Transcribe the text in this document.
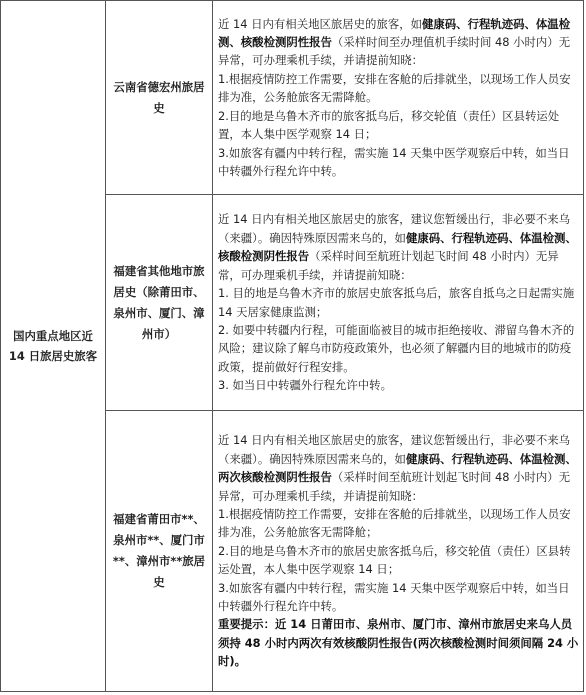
国内重点地区近 14 日旅居史旅客	云南省德宏州旅居史	近 14 日内有相关地区旅居史的旅客，如健康码、行程轨迹码、体温检测、核酸检测阴性报告（采样时间至办理值机手续时间 48 小时内）无异常，可办理乘机手续，并请提前知晓：

1.根据疫情防控工作需要，安排在客舱的后排就坐，以现场工作人员安排为准，公务舱旅客无需降舱。

2.目的地是乌鲁木齐市的旅客抵乌后，移交轮值（责任）区县转运处置，本人集中医学观察 14 日；

3.如旅客有疆内中转行程，需实施 14 天集中医学观察后中转，如当日中转疆外行程允许中转。

	福建省其他地市旅居史（除莆田市、泉州市、厦门、漳州市）	近 14 日内有相关地区旅居史的旅客，建议您暂缓出行，非必要不来乌（来疆）。确因特殊原因需来乌的，如健康码、行程轨迹码、体温检测、核酸检测阴性报告（采样时间至航班计划起飞时间 48 小时内）无异常，可办理乘机手续，并请提前知晓：

1. 目的地是乌鲁木齐市的旅居史旅客抵乌后，旅客自抵乌之日起需实施 14 天居家健康监测；

2. 如要中转疆内行程，可能面临被目的城市拒绝接收、滞留乌鲁木齐的风险；建议除了解乌市防疫政策外，也必须了解疆内目的地城市的防疫政策，提前做好行程安排。

3. 如当日中转疆外行程允许中转。

	福建省莆田市**、泉州市**、厦门市**、漳州市**旅居史	近 14 日内有相关地区旅居史的旅客，建议您暂缓出行，非必要不来乌（来疆）。确因特殊原因需来乌的，如健康码、行程轨迹码、体温检测、两次核酸检测阴性报告（采样时间至航班计划起飞时间 48 小时内）无异常，可办理乘机手续，并请提前知晓：

1.根据疫情防控工作需要，安排在客舱的后排就坐，以现场工作人员安排为准，公务舱旅客无需降舱；

2.目的地是乌鲁木齐市的旅居史旅客抵乌后，移交轮值（责任）区县转运处置，本人集中医学观察 14 日；

3.如旅客有疆内中转行程，需实施 14 天集中医学观察后中转，如当日中转疆外行程允许中转。

重要提示：近 14 日莆田市、泉州市、厦门市、漳州市旅居史来乌人员须持 48 小时内两次有效核酸阴性报告(两次核酸检测时间须间隔 24 小时)。
